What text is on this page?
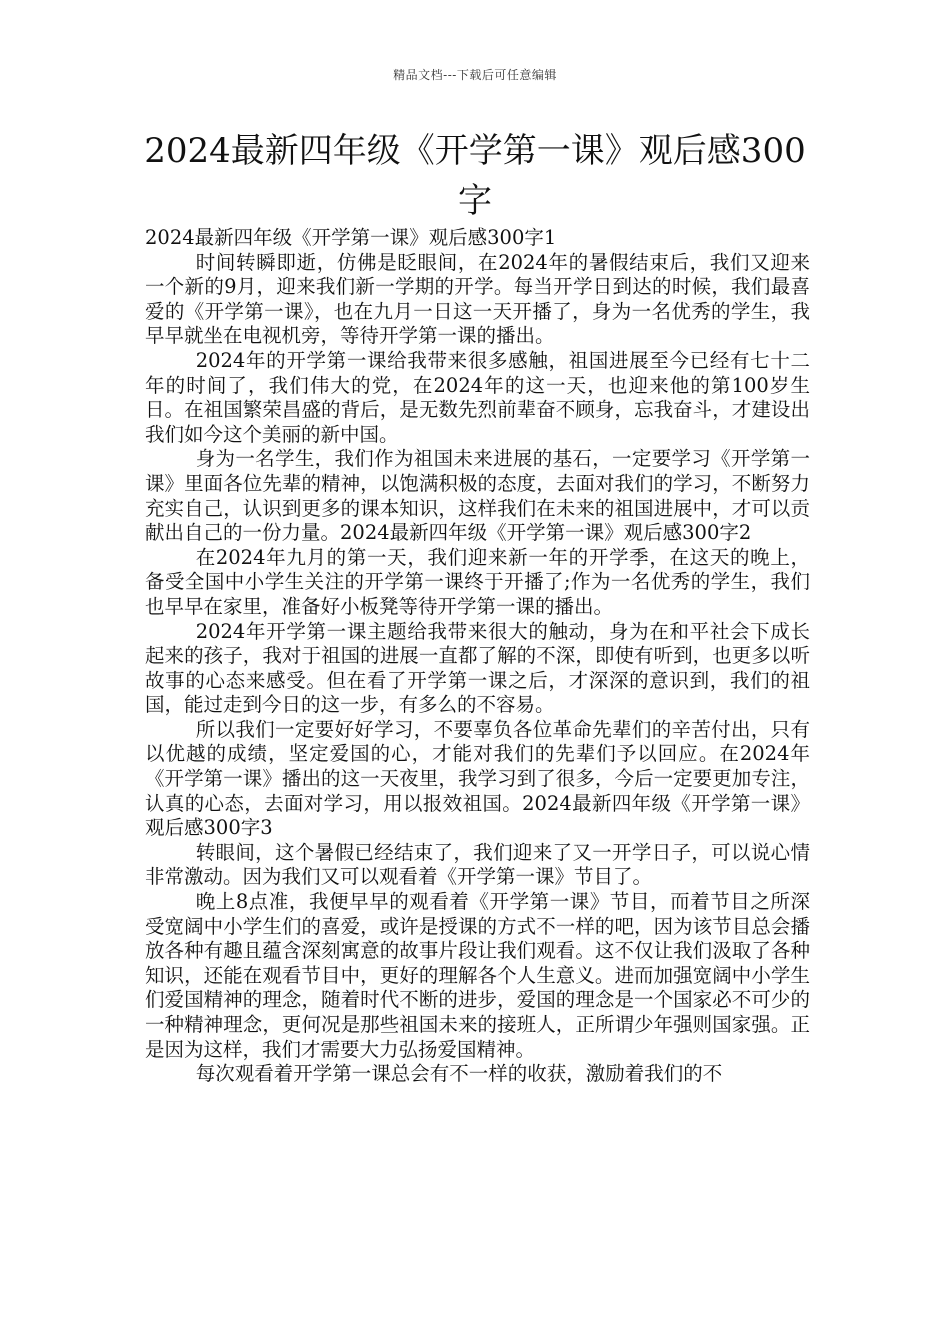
精品文档---下载后可任意编辑
2024最新四年级《开学第一课》观后感300字

2024最新四年级《开学第一课》观后感300字1

时间转瞬即逝，仿佛是眨眼间，在2024年的暑假结束后，我们又迎来一个新的9月，迎来我们新一学期的开学。每当开学日到达的时候，我们最喜爱的《开学第一课》，也在九月一日这一天开播了，身为一名优秀的学生，我早早就坐在电视机旁，等待开学第一课的播出。

2024年的开学第一课给我带来很多感触，祖国进展至今已经有七十二年的时间了，我们伟大的党，在2024年的这一天，也迎来他的第100岁生日。在祖国繁荣昌盛的背后，是无数先烈前辈奋不顾身，忘我奋斗，才建设出我们如今这个美丽的新中国。

身为一名学生，我们作为祖国未来进展的基石，一定要学习《开学第一课》里面各位先辈的精神，以饱满积极的态度，去面对我们的学习，不断努力充实自己，认识到更多的课本知识，这样我们在未来的祖国进展中，才可以贡献出自己的一份力量。2024最新四年级《开学第一课》观后感300字2

在2024年九月的第一天，我们迎来新一年的开学季，在这天的晚上，备受全国中小学生关注的开学第一课终于开播了;作为一名优秀的学生，我们也早早在家里，准备好小板凳等待开学第一课的播出。

2024年开学第一课主题给我带来很大的触动，身为在和平社会下成长起来的孩子，我对于祖国的进展一直都了解的不深，即使有听到，也更多以听故事的心态来感受。但在看了开学第一课之后，才深深的意识到，我们的祖国，能过走到今日的这一步，有多么的不容易。

所以我们一定要好好学习，不要辜负各位革命先辈们的辛苦付出，只有以优越的成绩，坚定爱国的心，才能对我们的先辈们予以回应。在2024年《开学第一课》播出的这一天夜里，我学习到了很多，今后一定要更加专注，认真的心态，去面对学习，用以报效祖国。2024最新四年级《开学第一课》观后感300字3

转眼间，这个暑假已经结束了，我们迎来了又一开学日子，可以说心情非常激动。因为我们又可以观看着《开学第一课》节目了。

晚上8点准，我便早早的观看着《开学第一课》节目，而着节目之所深受宽阔中小学生们的喜爱，或许是授课的方式不一样的吧，因为该节目总会播放各种有趣且蕴含深刻寓意的故事片段让我们观看。这不仅让我们汲取了各种知识，还能在观看节目中，更好的理解各个人生意义。进而加强宽阔中小学生们爱国精神的理念，随着时代不断的进步，爱国的理念是一个国家必不可少的一种精神理念，更何况是那些祖国未来的接班人，正所谓少年强则国家强。正是因为这样，我们才需要大力弘扬爱国精神。

每次观看着开学第一课总会有不一样的收获，激励着我们的不
